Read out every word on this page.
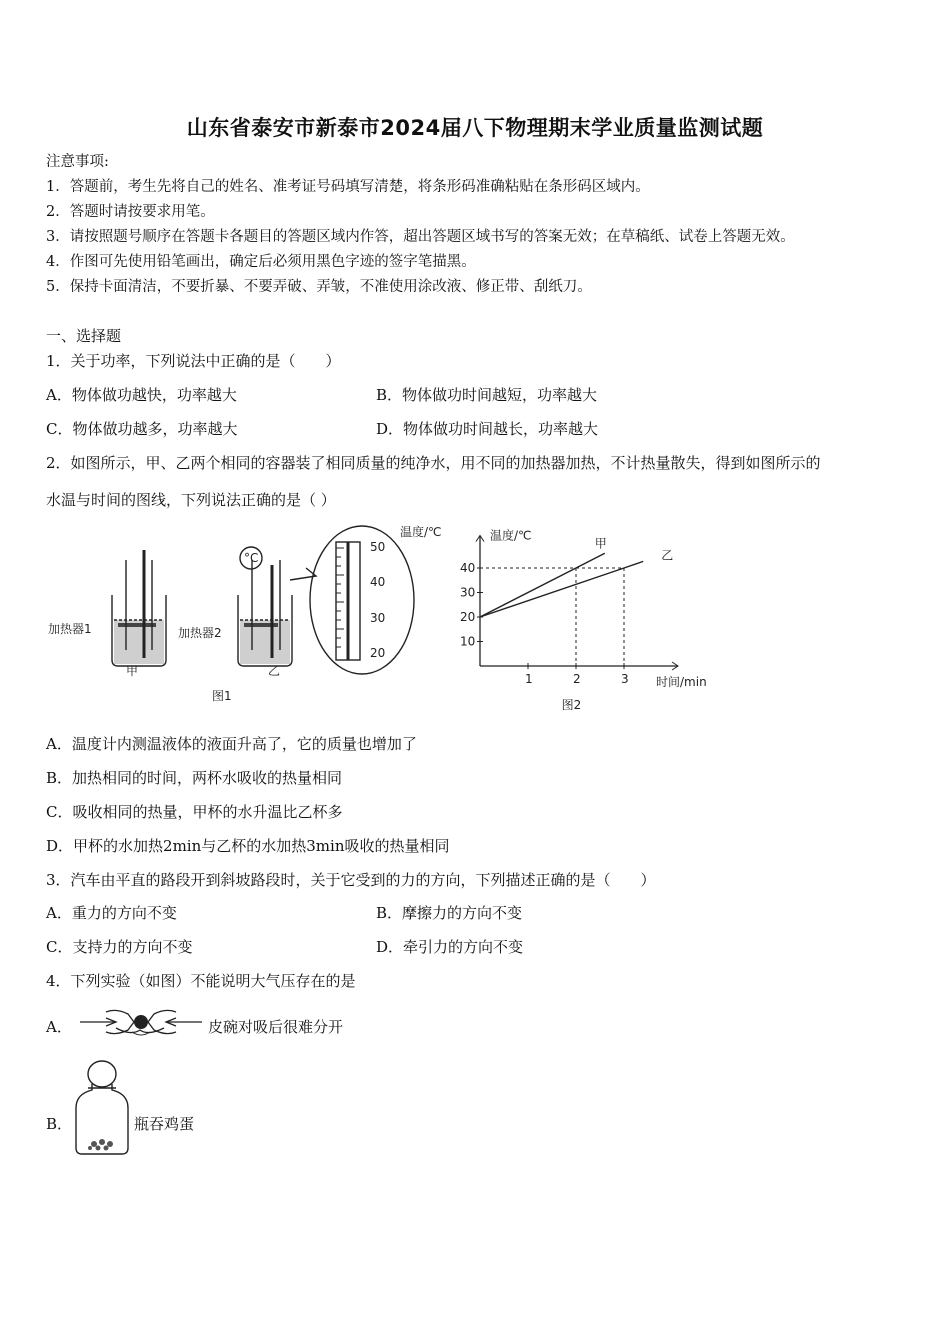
山东省泰安市新泰市2024届八下物理期末学业质量监测试题
注意事项:
1．答题前，考生先将自己的姓名、准考证号码填写清楚，将条形码准确粘贴在条形码区域内。
2．答题时请按要求用笔。
3．请按照题号顺序在答题卡各题目的答题区域内作答，超出答题区域书写的答案无效；在草稿纸、试卷上答题无效。
4．作图可先使用铅笔画出，确定后必须用黑色字迹的签字笔描黑。
5．保持卡面清洁，不要折暴、不要弄破、弄皱，不准使用涂改液、修正带、刮纸刀。
一、选择题
1．关于功率，下列说法中正确的是（　　）
A．物体做功越快，功率越大	B．物体做功时间越短，功率越大
C．物体做功越多，功率越大	D．物体做功时间越长，功率越大
2．如图所示，甲、乙两个相同的容器装了相同质量的纯净水，用不同的加热器加热，不计热量散失，得到如图所示的
水温与时间的图线，下列说法正确的是（ ）
°C
加热器1	加热器2
甲	乙
50
40
30
20
温度/℃
图1
10
20
30
40
1	2	3
甲
乙
温度/℃
时间/min
图2
A．温度计内测温液体的液面升高了，它的质量也增加了
B．加热相同的时间，两杯水吸收的热量相同
C．吸收相同的热量，甲杯的水升温比乙杯多
D．甲杯的水加热2min与乙杯的水加热3min吸收的热量相同
3．汽车由平直的路段开到斜坡路段时，关于它受到的力的方向，下列描述正确的是（　　）
A．重力的方向不变	B．摩擦力的方向不变
C．支持力的方向不变	D．牵引力的方向不变
4．下列实验（如图）不能说明大气压存在的是
A．	皮碗对吸后很难分开
B．	瓶吞鸡蛋
